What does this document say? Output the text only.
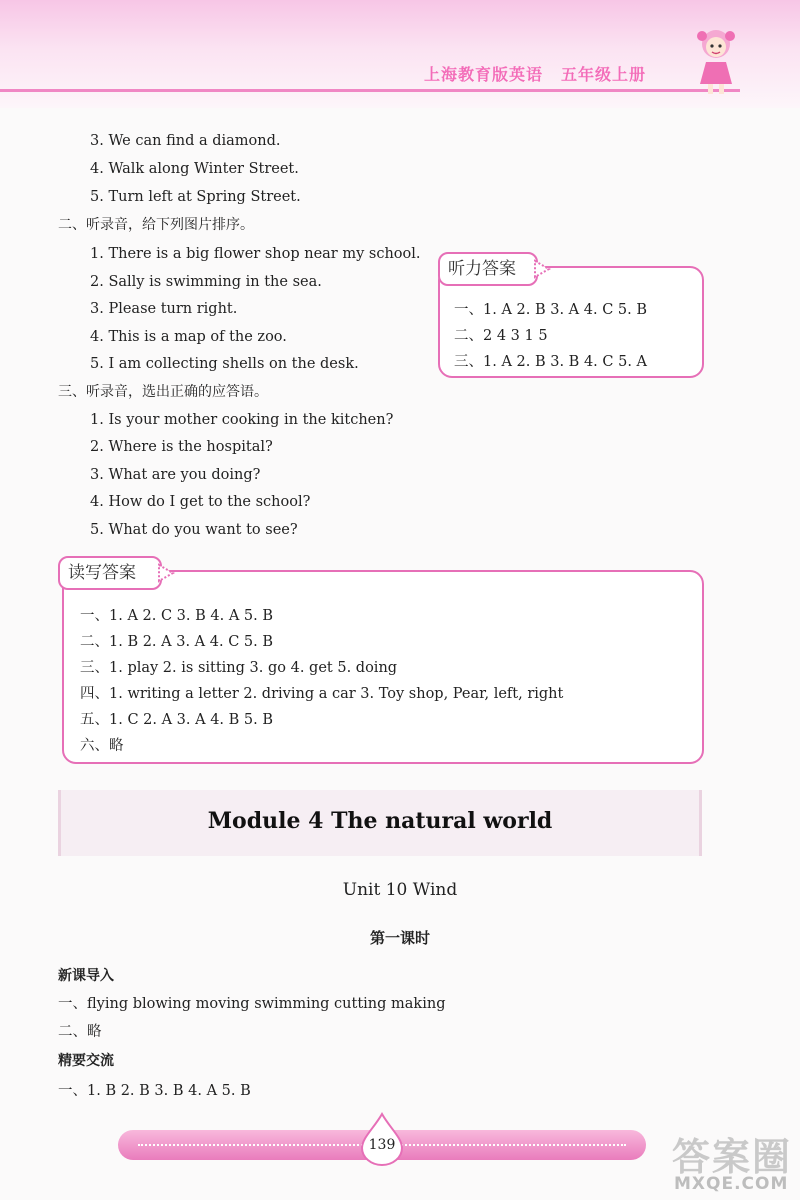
上海教育版英语 五年级上册
3. We can find a diamond.
4. Walk along Winter Street.
5. Turn left at Spring Street.
二、听录音，给下列图片排序。
1. There is a big flower shop near my school.
2. Sally is swimming in the sea.
3. Please turn right.
4. This is a map of the zoo.
5. I am collecting shells on the desk.
一、1. A 2. B 3. A 4. C 5. B
二、2 4 3 1 5
三、1. A 2. B 3. B 4. C 5. A
听力答案
三、听录音，选出正确的应答语。
1. Is your mother cooking in the kitchen?
2. Where is the hospital?
3. What are you doing?
4. How do I get to the school?
5. What do you want to see?
一、1. A 2. C 3. B 4. A 5. B
二、1. B 2. A 3. A 4. C 5. B
三、1. play 2. is sitting 3. go 4. get 5. doing
四、1. writing a letter 2. driving a car 3. Toy shop, Pear, left, right
五、1. C 2. A 3. A 4. B 5. B
六、略
读写答案
Module 4 The natural world
Unit 10 Wind
第一课时
新课导入
一、flying blowing moving swimming cutting making
二、略
精要交流
一、1. B 2. B 3. B 4. A 5. B
139	答案圈
MXQE.COM
